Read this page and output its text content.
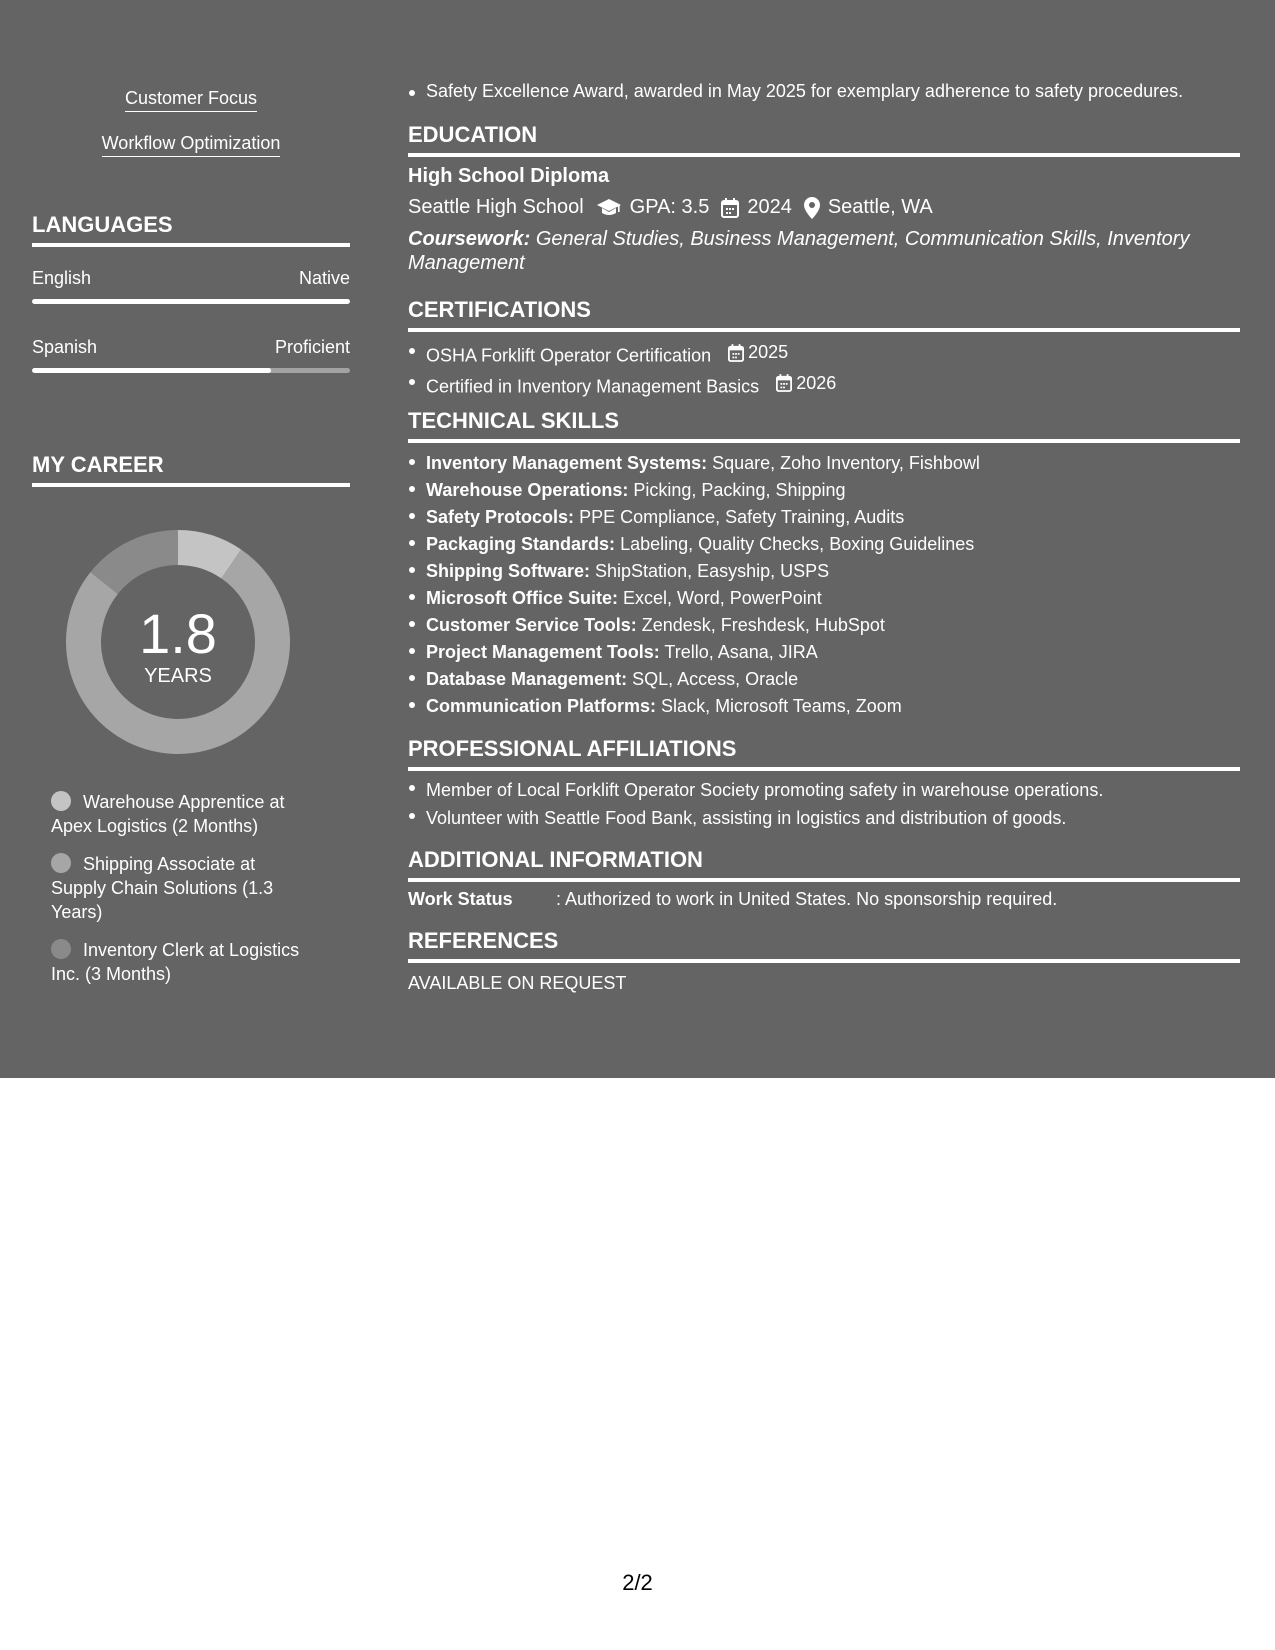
Customer Focus
Workflow Optimization
LANGUAGES
English	Native
Spanish	Proficient
MY CAREER
1.8
YEARS
Warehouse Apprentice at Apex Logistics (2 Months)
Shipping Associate at Supply Chain Solutions (1.3 Years)
Inventory Clerk at Logistics Inc. (3 Months)
Safety Excellence Award, awarded in May 2025 for exemplary adherence to safety procedures.
EDUCATION
High School Diploma
Seattle High School GPA: 3.5 2024 Seattle, WA
Coursework: General Studies, Business Management, Communication Skills, Inventory Management
CERTIFICATIONS
OSHA Forklift Operator Certification 2025
Certified in Inventory Management Basics 2026
TECHNICAL SKILLS
Inventory Management Systems: Square, Zoho Inventory, Fishbowl
Warehouse Operations: Picking, Packing, Shipping
Safety Protocols: PPE Compliance, Safety Training, Audits
Packaging Standards: Labeling, Quality Checks, Boxing Guidelines
Shipping Software: ShipStation, Easyship, USPS
Microsoft Office Suite: Excel, Word, PowerPoint
Customer Service Tools: Zendesk, Freshdesk, HubSpot
Project Management Tools: Trello, Asana, JIRA
Database Management: SQL, Access, Oracle
Communication Platforms: Slack, Microsoft Teams, Zoom
PROFESSIONAL AFFILIATIONS
Member of Local Forklift Operator Society promoting safety in warehouse operations.
Volunteer with Seattle Food Bank, assisting in logistics and distribution of goods.
ADDITIONAL INFORMATION
Work Status : Authorized to work in United States. No sponsorship required.
REFERENCES
AVAILABLE ON REQUEST
2/2
